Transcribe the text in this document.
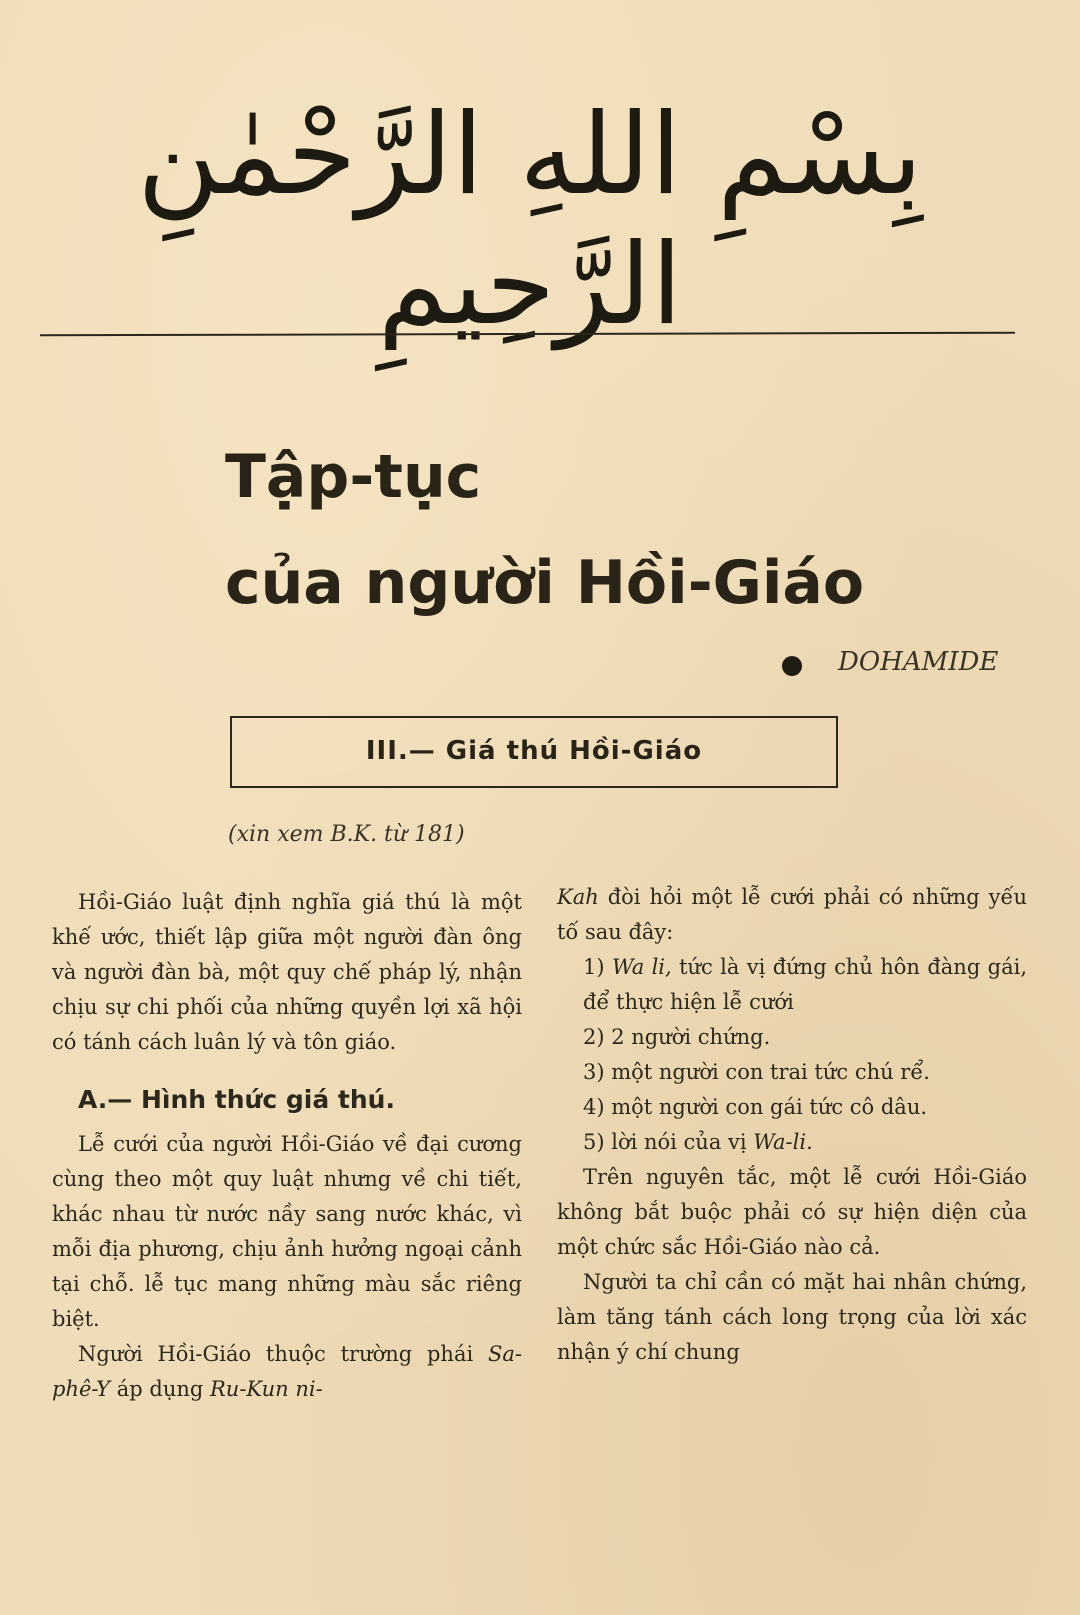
بِسْمِ اللهِ الرَّحْمٰنِ الرَّحِيمِ
Tập-tục
của người Hồi-Giáo
DOHAMIDE
III.— Giá thú Hồi-Giáo
(xin xem B.K. từ 181)

Hồi-Giáo luật định nghĩa giá thú là một khế ước, thiết lập giữa một người đàn ông và người đàn bà, một quy chế pháp lý, nhận chịu sự chi phối của những quyền lợi xã hội có tánh cách luân lý và tôn giáo.

A.— Hình thức giá thú.

Lễ cưới của người Hồi-Giáo về đại cương cùng theo một quy luật nhưng về chi tiết, khác nhau từ nước nầy sang nước khác, vì mỗi địa phương, chịu ảnh hưởng ngoại cảnh tại chỗ. lễ tục mang những màu sắc riêng biệt.

Người Hồi-Giáo thuộc trường phái Sa-phê-Y áp dụng Ru-Kun ni-

Kah đòi hỏi một lễ cưới phải có những yếu tố sau đây:

1) Wa li, tức là vị đứng chủ hôn đàng gái, để thực hiện lễ cưới

2) 2 người chứng.

3) một người con trai tức chú rể.

4) một người con gái tức cô dâu.

5) lời nói của vị Wa-li.

Trên nguyên tắc, một lễ cưới Hồi-Giáo không bắt buộc phải có sự hiện diện của một chức sắc Hồi-Giáo nào cả.

Người ta chỉ cần có mặt hai nhân chứng, làm tăng tánh cách long trọng của lời xác nhận ý chí chung
